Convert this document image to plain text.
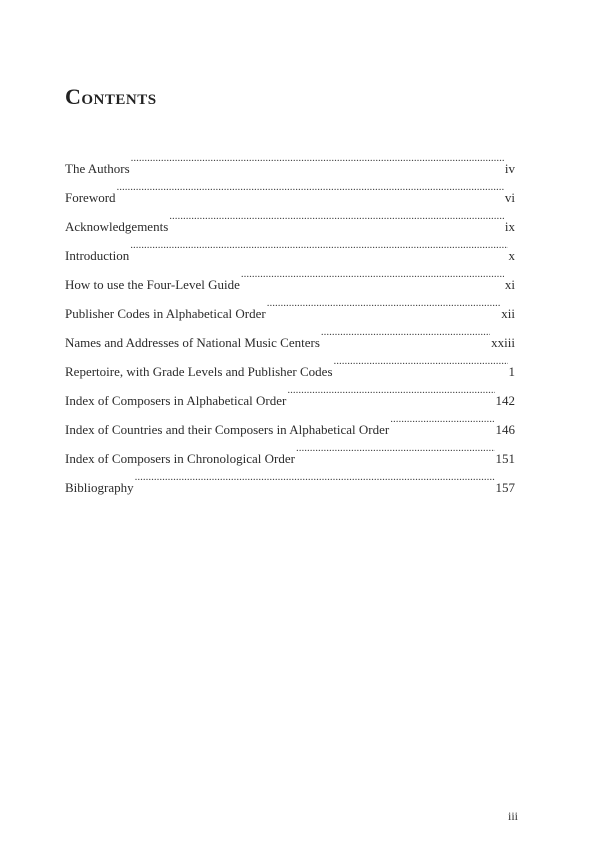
Contents
The Authors .....	iv
Foreword .....	vi
Acknowledgements .....	ix
Introduction .....	x
How to use the Four-Level Guide .....	xi
Publisher Codes in Alphabetical Order .....	xii
Names and Addresses of National Music Centers .....	xxiii
Repertoire, with Grade Levels and Publisher Codes .....	1
Index of Composers in Alphabetical Order .....	142
Index of Countries and their Composers in Alphabetical Order .....	146
Index of Composers in Chronological Order .....	151
Bibliography .....	157
iii
